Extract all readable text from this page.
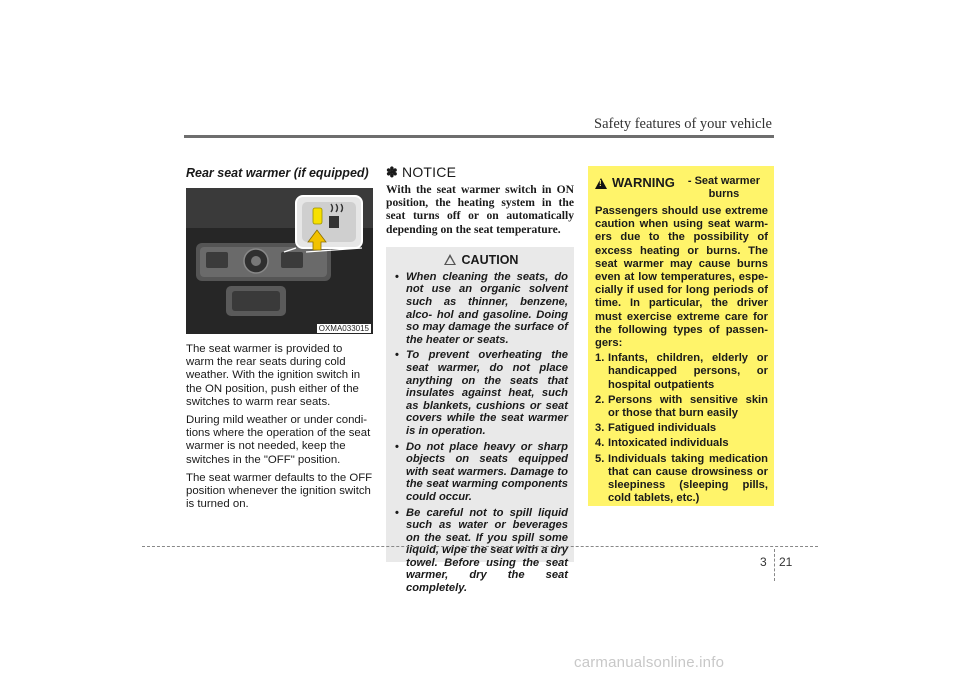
Safety features of your vehicle
Rear seat warmer (if equipped)
OXMA033015

The seat warmer is provided to warm the rear seats during cold weather. With the ignition switch in the ON position, push either of the switches to warm rear seats.

During mild weather or under condi- tions where the operation of the seat warmer is not needed, keep the switches in the "OFF" position.

The seat warmer defaults to the OFF position whenever the ignition switch is turned on.

✽ NOTICE

With the seat warmer switch in ON position, the heating system in the seat turns off or on automatically depending on the seat temperature.

CAUTION
• When cleaning the seats, do not use an organic solvent such as thinner, benzene, alco- hol and gasoline. Doing so may damage the surface of the heater or seats.
• To prevent overheating the seat warmer, do not place anything on the seats that insulates against heat, such as blankets, cushions or seat covers while the seat warmer is in operation.
• Do not place heavy or sharp objects on seats equipped with seat warmers. Damage to the seat warming components could occur.
• Be careful not to spill liquid such as water or beverages on the seat. If you spill some liquid, wipe the seat with a dry towel. Before using the seat warmer, dry the seat completely.
!
WARNING	- Seat warmer burns

Passengers should use extreme caution when using seat warm- ers due to the possibility of excess heating or burns. The seat warmer may cause burns even at low temperatures, espe- cially if used for long periods of time. In particular, the driver must exercise extreme care for the following types of passen- gers:

1. Infants, children, elderly or handicapped persons, or hospital outpatients
2. Persons with sensitive skin or those that burn easily
3. Fatigued individuals
4. Intoxicated individuals
5. Individuals taking medication that can cause drowsiness or sleepiness (sleeping pills, cold tablets, etc.)
3 21
carmanualsonline.info
